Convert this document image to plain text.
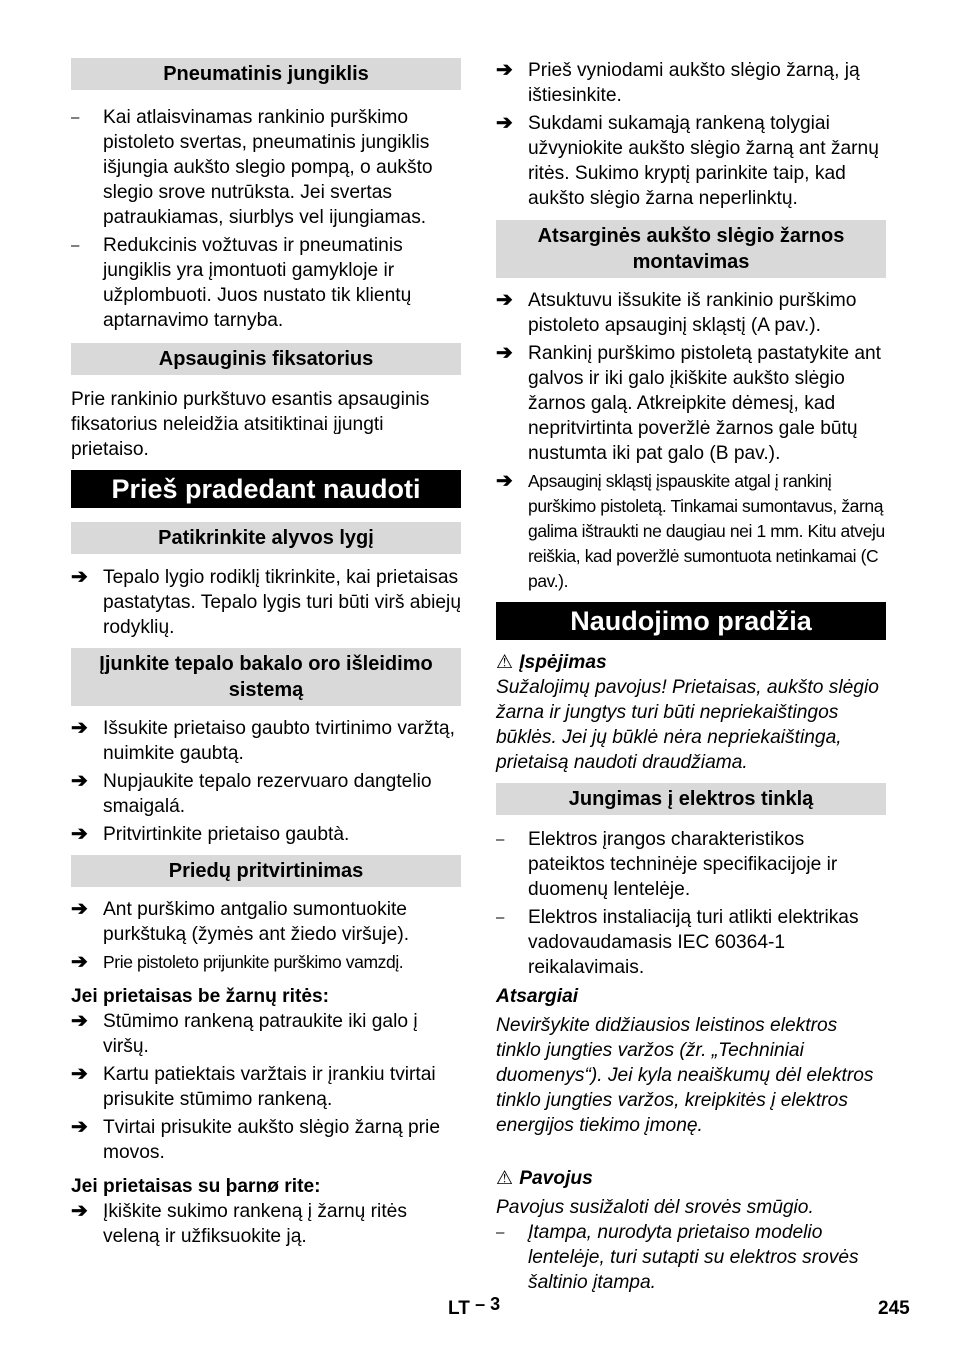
Pneumatinis jungiklis
–	Kai atlaisvinamas rankinio purškimo pistoleto svertas, pneumatinis jungiklis išjungia aukšto slegio pompą, o aukšto slegio srove nutrūksta. Jei svertas patraukiamas, siurblys vel ijungiamas.

–	Redukcinis vožtuvas ir pneumatinis jungiklis yra įmontuoti gamykloje ir užplombuoti. Juos nustato tik klientų aptarnavimo tarnyba.

Apsauginis fiksatorius

Prie rankinio purkštuvo esantis apsauginis fiksatorius neleidžia atsitiktinai įjungti prietaiso.

Prieš pradedant naudoti
Patikrinkite alyvos lygį
➔ Tepalo lygio rodiklį tikrinkite, kai prietaisas pastatytas. Tepalo lygis turi būti virš abiejų rodyklių.

Įjunkite tepalo bakalo oro išleidimo sistemą
➔ Išsukite prietaiso gaubto tvirtinimo varžtą, nuimkite gaubtą.

➔ Nupjaukite tepalo rezervuaro dangtelio smaigalá.

➔ Pritvirtinkite prietaiso gaubtà.

Priedų pritvirtinimas
➔ Ant purškimo antgalio sumontuokite purkštuką (žymės ant žiedo viršuje).

➔ Prie pistoleto prijunkite purškimo vamzdį.

Jei prietaisas be žarnų ritės:

➔ Stūmimo rankeną patraukite iki galo į viršų.

➔ Kartu patiektais varžtais ir įrankiu tvirtai prisukite stūmimo rankeną.

➔ Tvirtai prisukite aukšto slėgio žarną prie movos.

Jei prietaisas su þarnø rite:

➔ Įkiškite sukimo rankeną į žarnų ritės veleną ir užfiksuokite ją.

➔ Prieš vyniodami aukšto slėgio žarną, ją ištiesinkite.

➔ Sukdami sukamąją rankeną tolygiai užvyniokite aukšto slėgio žarną ant žarnų ritės. Sukimo kryptį parinkite taip, kad aukšto slėgio žarna neperlinktų.

Atsarginės aukšto slėgio žarnos montavimas
➔ Atsuktuvu išsukite iš rankinio purškimo pistoleto apsauginį skląstį (A pav.).

➔ Rankinį purškimo pistoletą pastatykite ant galvos ir iki galo įkiškite aukšto slėgio žarnos galą. Atkreipkite dėmesį, kad nepritvirtinta poveržlė žarnos gale būtų nustumta iki pat galo (B pav.).

➔ Apsauginį skląstį įspauskite atgal į rankinį purškimo pistoletą. Tinkamai sumontavus, žarną galima ištraukti ne daugiau nei 1 mm. Kitu atveju reiškia, kad poveržlė sumontuota netinkamai (C pav.).

Naudojimo pradžia

⚠ Įspėjimas

Sužalojimų pavojus! Prietaisas, aukšto slėgio žarna ir jungtys turi būti nepriekaištingos būklės. Jei jų būklė nėra nepriekaištinga, prietaisą naudoti draudžiama.

Jungimas į elektros tinklą
–	Elektros įrangos charakteristikos pateiktos techninėje specifikacijoje ir duomenų lentelėje.

–	Elektros instaliaciją turi atlikti elektrikas vadovaudamasis IEC 60364-1 reikalavimais.

Atsargiai

Neviršykite didžiausios leistinos elektros tinklo jungties varžos (žr. „Techniniai duomenys“). Jei kyla neaiškumų dėl elektros tinklo jungties varžos, kreipkitės į elektros energijos tiekimo įmonę.

⚠ Pavojus

Pavojus susižaloti dėl srovės smūgio.

–	Įtampa, nurodyta prietaiso modelio lentelėje, turi sutapti su elektros srovės šaltinio įtampa.

LT – 3	245
